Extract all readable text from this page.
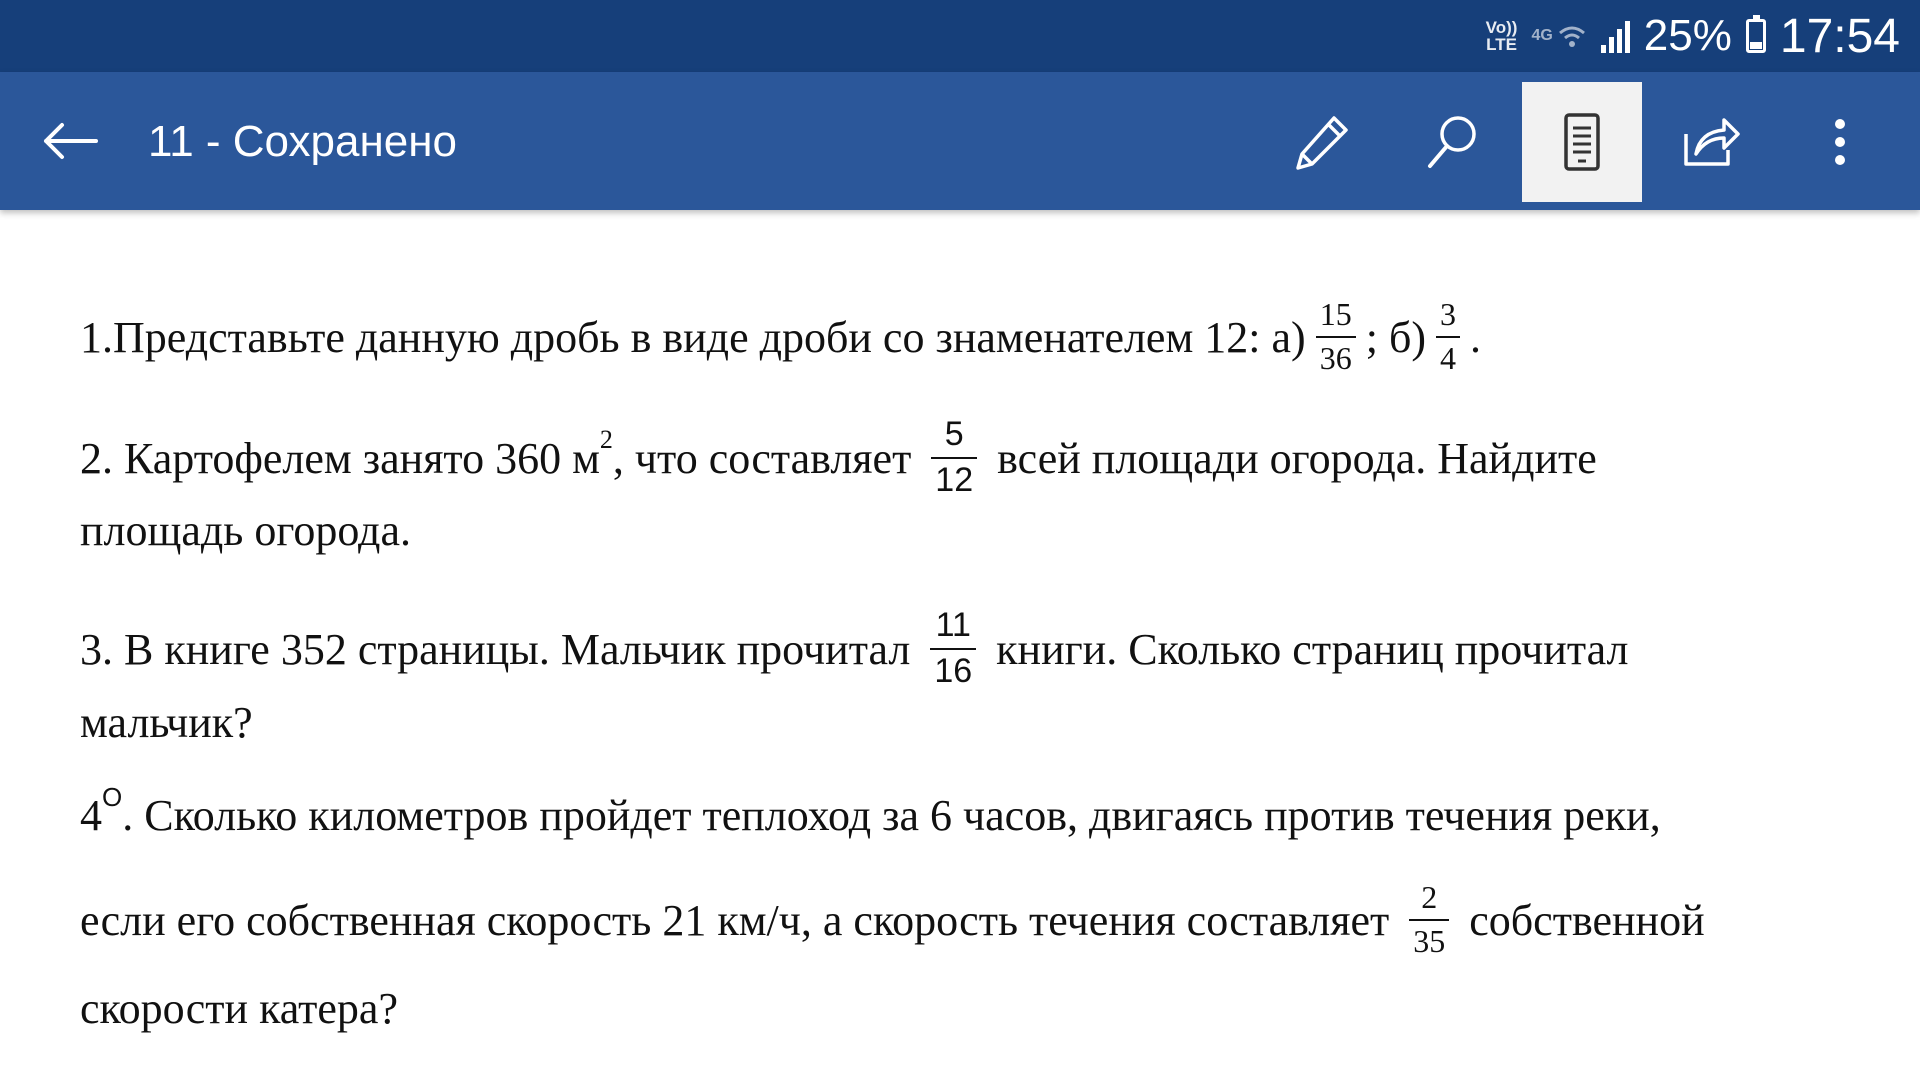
Vo))
LTE 4G 25% 17:54
11 - Сохранено
1.Представьте данную дробь в виде дроби со знаменателем 12: $а) \frac{15}{36}$ ; $б) \frac{3}{4}$ .
2. Картофелем занято 360 $м^2$ , что составляет $\frac{5}{12}$ всей площади огорода. Найдите
площадь огорода.
3. В книге 352 страницы. Мальчик прочитал $\frac{11}{16}$ книги. Сколько страниц прочитал
мальчик?
$4^О$ . Сколько километров пройдет теплоход за 6 часов, двигаясь против течения реки,
если его собственная скорость 21 км/ч, а скорость течения составляет $\frac{2}{35}$ собственной
скорости катера?
